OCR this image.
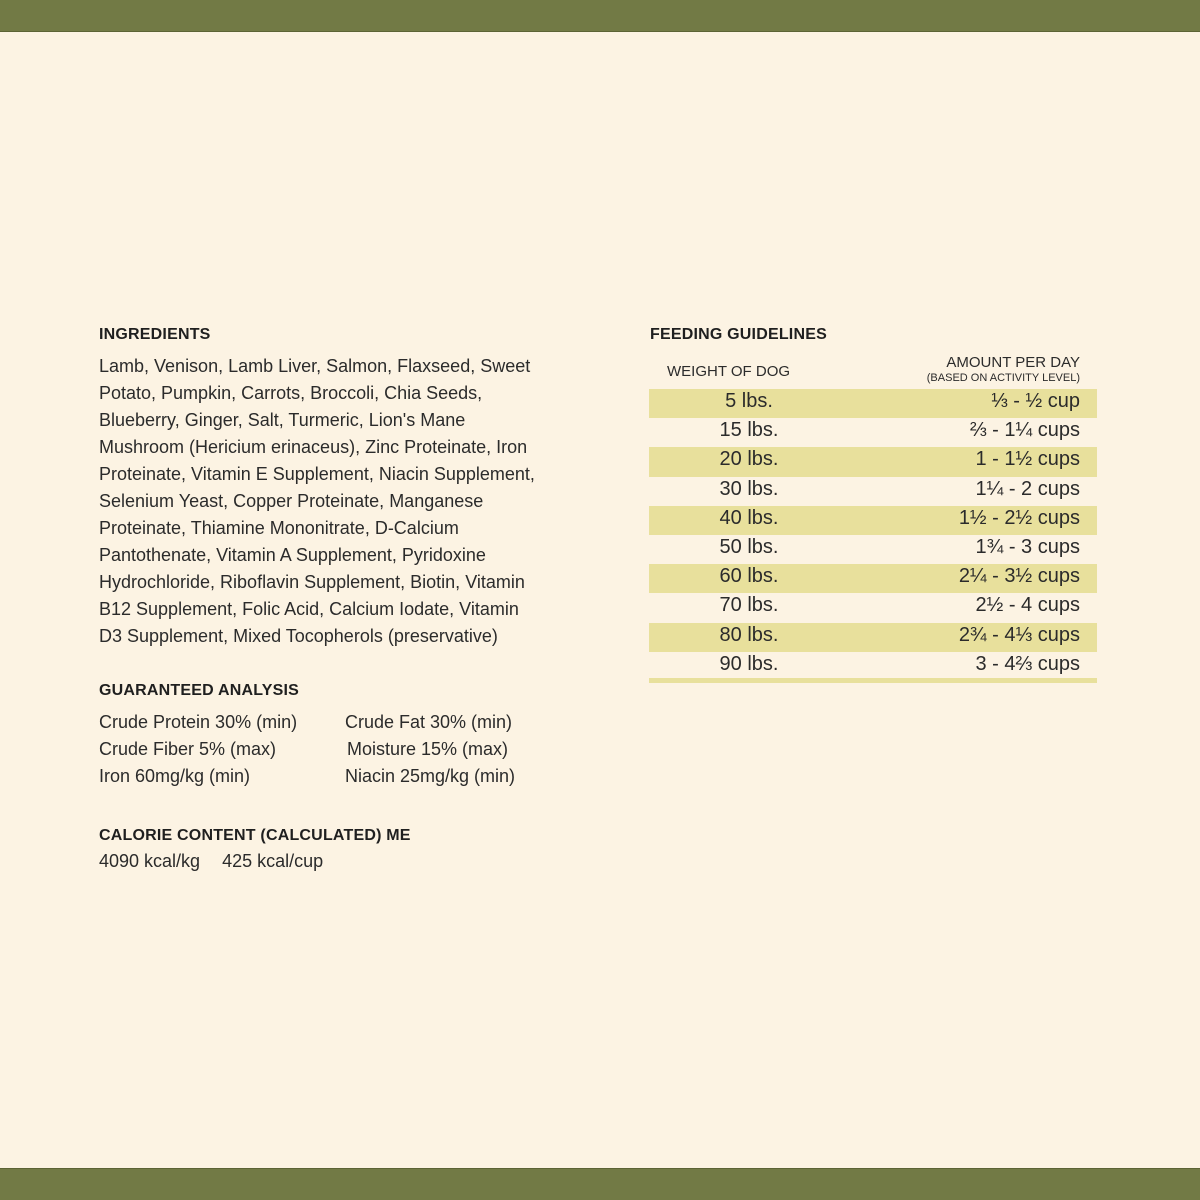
INGREDIENTS
Lamb, Venison, Lamb Liver, Salmon, Flaxseed, Sweet
Potato, Pumpkin, Carrots, Broccoli, Chia Seeds,
Blueberry, Ginger, Salt, Turmeric, Lion's Mane
Mushroom (Hericium erinaceus), Zinc Proteinate, Iron
Proteinate, Vitamin E Supplement, Niacin Supplement,
Selenium Yeast, Copper Proteinate, Manganese
Proteinate, Thiamine Mononitrate, D-Calcium
Pantothenate, Vitamin A Supplement, Pyridoxine
Hydrochloride, Riboflavin Supplement, Biotin, Vitamin
B12 Supplement, Folic Acid, Calcium Iodate, Vitamin
D3 Supplement, Mixed Tocopherols (preservative)
GUARANTEED ANALYSIS
Crude Protein 30% (min)	Crude Fat 30% (min)
Crude Fiber 5% (max)	Moisture 15% (max)
Iron 60mg/kg (min)	Niacin 25mg/kg (min)
CALORIE CONTENT (CALCULATED) ME
4090 kcal/kg 425 kcal/cup
FEEDING GUIDELINES
WEIGHT OF DOG
AMOUNT PER DAY
(BASED ON ACTIVITY LEVEL)
5 lbs.	⅓ - ½ cup
15 lbs.	⅔ - 1¼ cups
20 lbs.	1 - 1½ cups
30 lbs.	1¼ - 2 cups
40 lbs.	1½ - 2½ cups
50 lbs.	1¾ - 3 cups
60 lbs.	2¼ - 3½ cups
70 lbs.	2½ - 4 cups
80 lbs.	2¾ - 4⅓ cups
90 lbs.	3 - 4⅔ cups
